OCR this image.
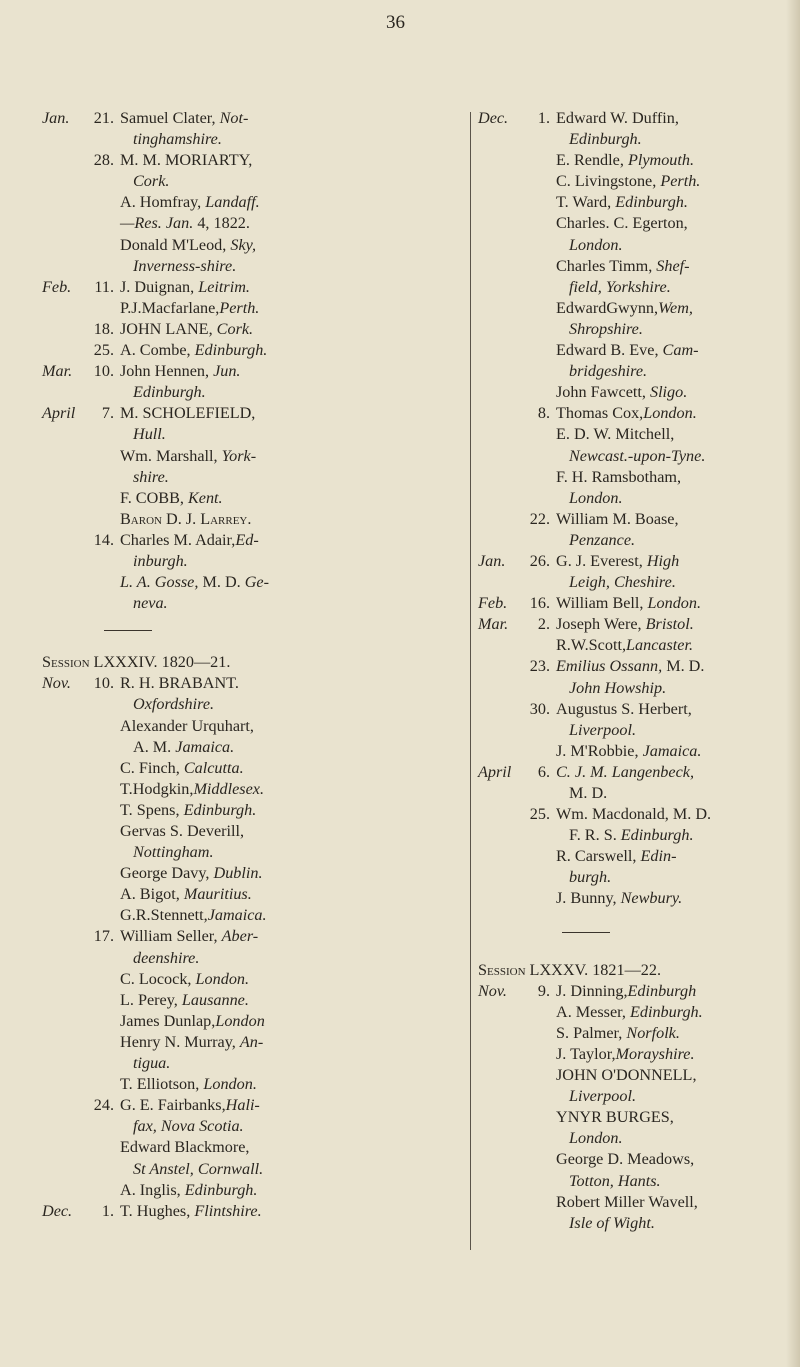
36
Jan.	21. Samuel Clater, Not-
tinghamshire.
28. M. M. MORIARTY,
Cork.
A. Homfray, Landaff.
—Res. Jan. 4, 1822.
Donald M'Leod, Sky,
Inverness-shire.
Feb.	11. J. Duignan, Leitrim.
P.J.Macfarlane,Perth.
18. JOHN LANE, Cork.
25. A. Combe, Edinburgh.
Mar.	10. John Hennen, Jun.
Edinburgh.
April	7. M. SCHOLEFIELD,
Hull.
Wm. Marshall, York-
shire.
F. COBB, Kent.
Baron D. J. Larrey.
14. Charles M. Adair,Ed-
inburgh.
L. A. Gosse, M. D. Ge-
neva.
Session LXXXIV. 1820—21.
Nov.	10. R. H. BRABANT.
Oxfordshire.
Alexander Urquhart,
A. M. Jamaica.
C. Finch, Calcutta.
T.Hodgkin,Middlesex.
T. Spens, Edinburgh.
Gervas S. Deverill,
Nottingham.
George Davy, Dublin.
A. Bigot, Mauritius.
G.R.Stennett,Jamaica.
17. William Seller, Aber-
deenshire.
C. Locock, London.
L. Perey, Lausanne.
James Dunlap,London
Henry N. Murray, An-
tigua.
T. Elliotson, London.
24. G. E. Fairbanks,Hali-
fax, Nova Scotia.
Edward Blackmore,
St Anstel, Cornwall.
A. Inglis, Edinburgh.
Dec.	1. T. Hughes, Flintshire.
Dec.	1. Edward W. Duffin,
Edinburgh.
E. Rendle, Plymouth.
C. Livingstone, Perth.
T. Ward, Edinburgh.
Charles. C. Egerton,
London.
Charles Timm, Shef-
field, Yorkshire.
EdwardGwynn,Wem,
Shropshire.
Edward B. Eve, Cam-
bridgeshire.
John Fawcett, Sligo.
8. Thomas Cox,London.
E. D. W. Mitchell,
Newcast.-upon-Tyne.
F. H. Ramsbotham,
London.
22. William M. Boase,
Penzance.
Jan.	26. G. J. Everest, High
Leigh, Cheshire.
Feb.	16. William Bell, London.
Mar.	2. Joseph Were, Bristol.
R.W.Scott,Lancaster.
23. Emilius Ossann, M. D.
John Howship.
30. Augustus S. Herbert,
Liverpool.
J. M'Robbie, Jamaica.
April	6. C. J. M. Langenbeck,
M. D.
25. Wm. Macdonald, M. D.
F. R. S. Edinburgh.
R. Carswell, Edin-
burgh.
J. Bunny, Newbury.
Session LXXXV. 1821—22.
Nov.	9. J. Dinning,Edinburgh
A. Messer, Edinburgh.
S. Palmer, Norfolk.
J. Taylor,Morayshire.
JOHN O'DONNELL,
Liverpool.
YNYR BURGES,
London.
George D. Meadows,
Totton, Hants.
Robert Miller Wavell,
Isle of Wight.
